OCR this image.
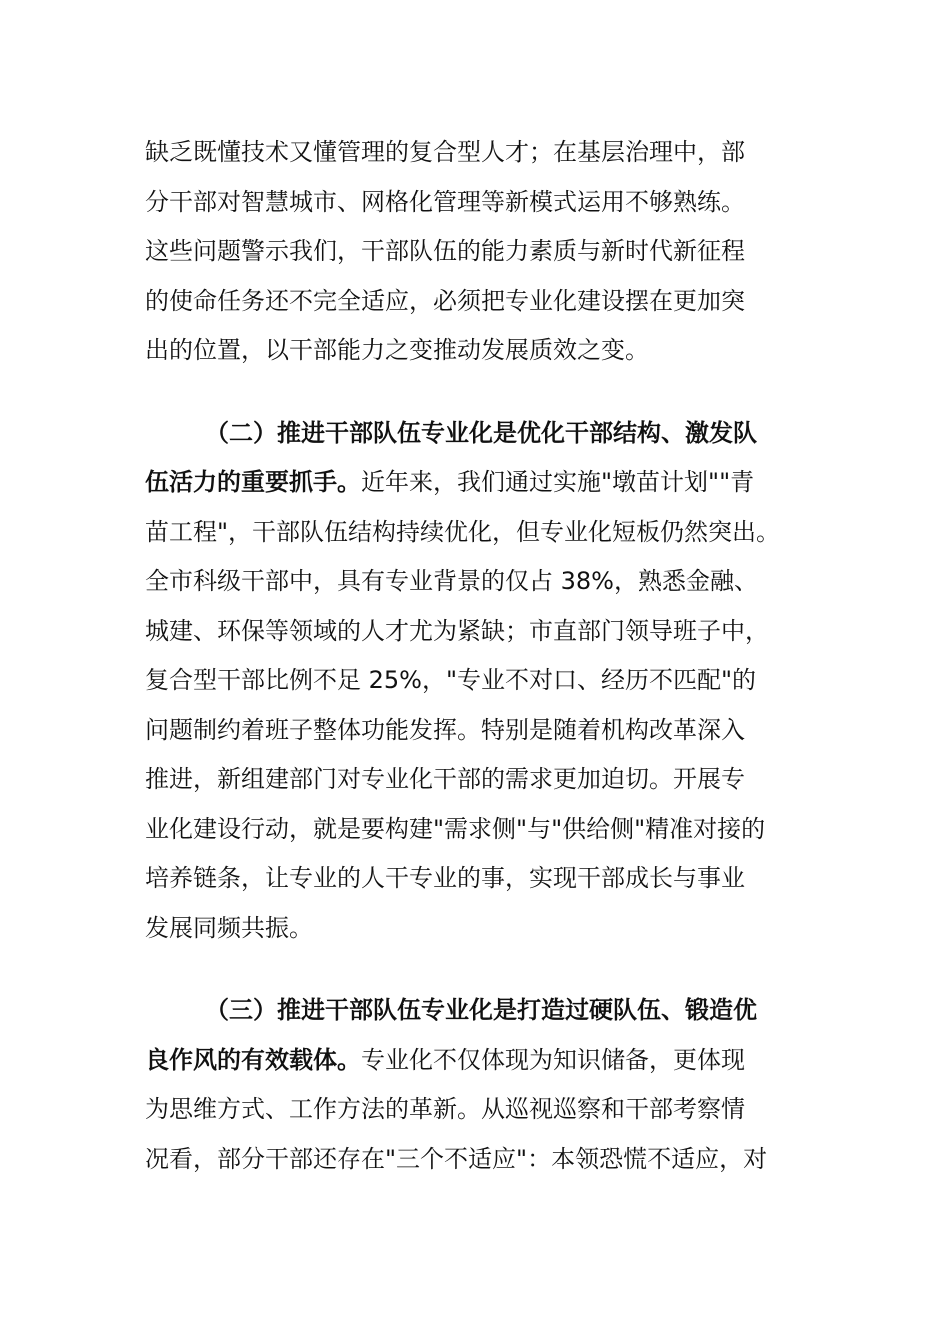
缺乏既懂技术又懂管理的复合型人才；在基层治理中，部
分干部对智慧城市、网格化管理等新模式运用不够熟练。
这些问题警示我们，干部队伍的能力素质与新时代新征程
的使命任务还不完全适应，必须把专业化建设摆在更加突
出的位置，以干部能力之变推动发展质效之变。
（二）推进干部队伍专业化是优化干部结构、激发队
伍活力的重要抓手。近年来，我们通过实施"墩苗计划""青
苗工程"，干部队伍结构持续优化，但专业化短板仍然突出。
全市科级干部中，具有专业背景的仅占 38%，熟悉金融、
城建、环保等领域的人才尤为紧缺；市直部门领导班子中，
复合型干部比例不足 25%，"专业不对口、经历不匹配"的
问题制约着班子整体功能发挥。特别是随着机构改革深入
推进，新组建部门对专业化干部的需求更加迫切。开展专
业化建设行动，就是要构建"需求侧"与"供给侧"精准对接的
培养链条，让专业的人干专业的事，实现干部成长与事业
发展同频共振。
（三）推进干部队伍专业化是打造过硬队伍、锻造优
良作风的有效载体。专业化不仅体现为知识储备，更体现
为思维方式、工作方法的革新。从巡视巡察和干部考察情
况看，部分干部还存在"三个不适应"：本领恐慌不适应，对
